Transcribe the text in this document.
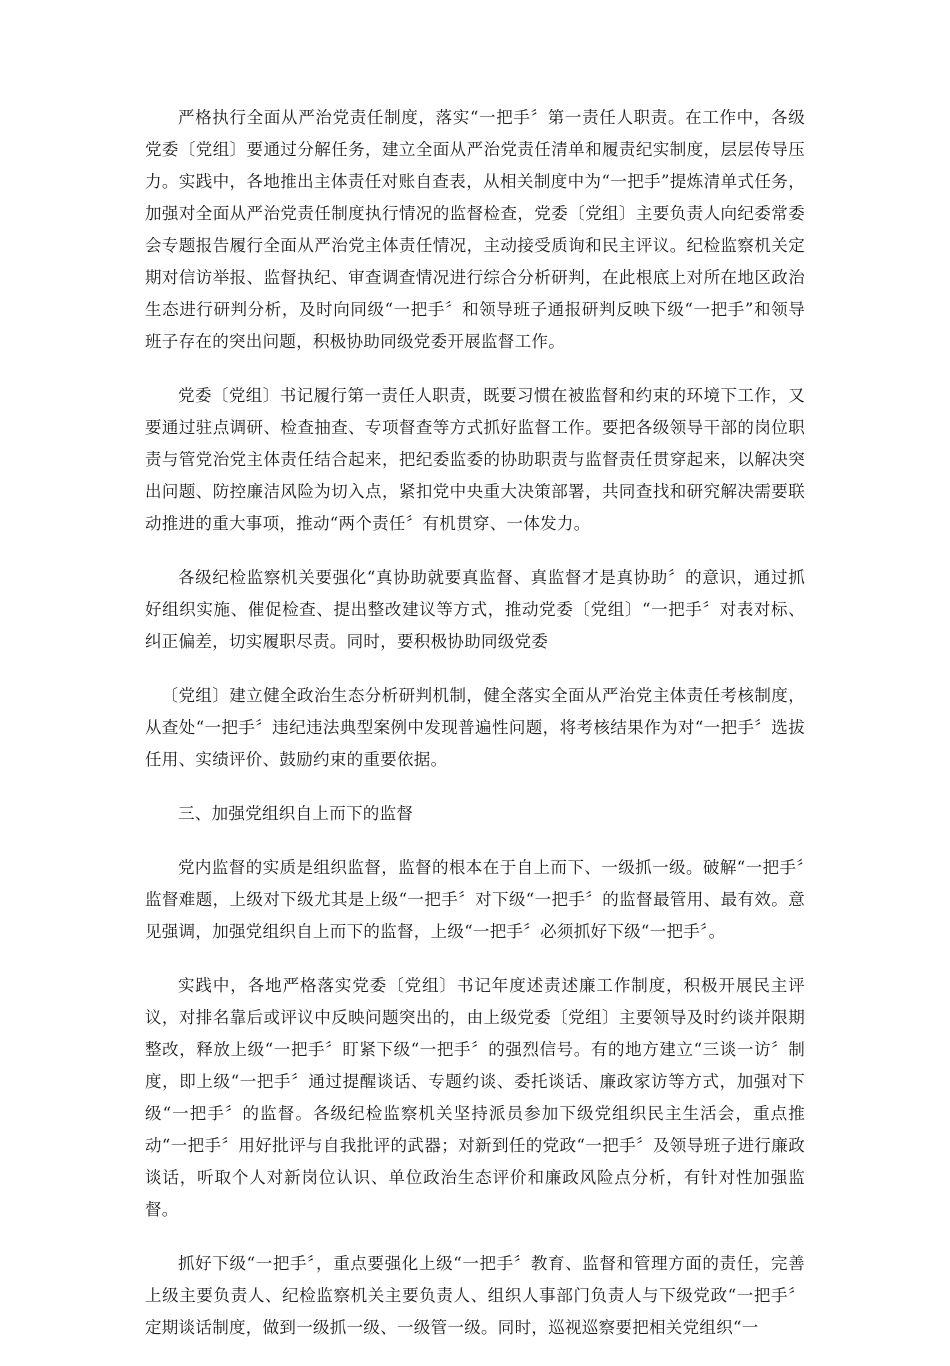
严格执行全面从严治党责任制度，落实“一把手〞第一责任人职责。在工作中，各级党委〔党组〕要通过分解任务，建立全面从严治党责任清单和履责纪实制度，层层传导压力。实践中，各地推出主体责任对账自查表，从相关制度中为“一把手”提炼清单式任务，加强对全面从严治党责任制度执行情况的监督检查，党委〔党组〕主要负责人向纪委常委会专题报告履行全面从严治党主体责任情况，主动接受质询和民主评议。纪检监察机关定期对信访举报、监督执纪、审查调查情况进行综合分析研判，在此根底上对所在地区政治生态进行研判分析，及时向同级“一把手〞和领导班子通报研判反映下级“一把手”和领导班子存在的突出问题，积极协助同级党委开展监督工作。

党委〔党组〕书记履行第一责任人职责，既要习惯在被监督和约束的环境下工作，又要通过驻点调研、检查抽查、专项督查等方式抓好监督工作。要把各级领导干部的岗位职责与管党治党主体责任结合起来，把纪委监委的协助职责与监督责任贯穿起来，以解决突出问题、防控廉洁风险为切入点，紧扣党中央重大决策部署，共同查找和研究解决需要联动推进的重大事项，推动“两个责任〞有机贯穿、一体发力。

各级纪检监察机关要强化“真协助就要真监督、真监督才是真协助〞的意识，通过抓好组织实施、催促检查、提出整改建议等方式，推动党委〔党组〕“一把手〞对表对标、纠正偏差，切实履职尽责。同时，要积极协助同级党委

〔党组〕建立健全政治生态分析研判机制，健全落实全面从严治党主体责任考核制度，从查处“一把手〞违纪违法典型案例中发现普遍性问题，将考核结果作为对“一把手〞选拔任用、实绩评价、鼓励约束的重要依据。

三、加强党组织自上而下的监督

党内监督的实质是组织监督，监督的根本在于自上而下、一级抓一级。破解“一把手〞监督难题，上级对下级尤其是上级“一把手〞对下级“一把手〞的监督最管用、最有效。意见强调，加强党组织自上而下的监督，上级“一把手〞必须抓好下级“一把手〞。

实践中，各地严格落实党委〔党组〕书记年度述责述廉工作制度，积极开展民主评议，对排名靠后或评议中反映问题突出的，由上级党委〔党组〕主要领导及时约谈并限期整改，释放上级“一把手〞盯紧下级“一把手〞的强烈信号。有的地方建立“三谈一访〞制度，即上级“一把手〞通过提醒谈话、专题约谈、委托谈话、廉政家访等方式，加强对下级“一把手〞的监督。各级纪检监察机关坚持派员参加下级党组织民主生活会，重点推动“一把手〞用好批评与自我批评的武器；对新到任的党政“一把手〞及领导班子进行廉政谈话，听取个人对新岗位认识、单位政治生态评价和廉政风险点分析，有针对性加强监督。

抓好下级“一把手〞，重点要强化上级“一把手〞教育、监督和管理方面的责任，完善上级主要负责人、纪检监察机关主要负责人、组织人事部门负责人与下级党政“一把手〞定期谈话制度，做到一级抓一级、一级管一级。同时，巡视巡察要把相关党组织“一
